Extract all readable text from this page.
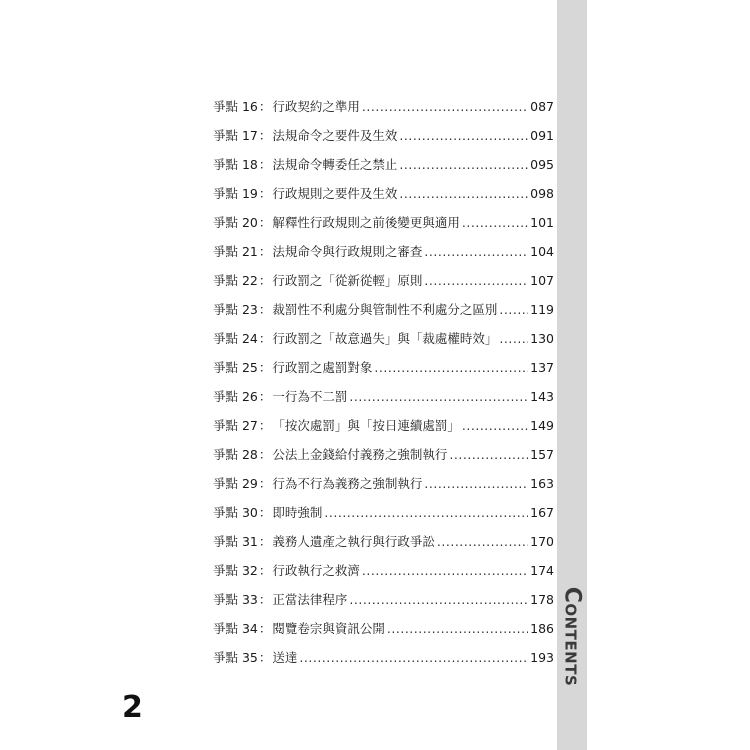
Contents
爭點 16 ： 行政契約之準用 .....	087
爭點 17 ： 法規命令之要件及生效 .....	091
爭點 18 ： 法規命令轉委任之禁止 .....	095
爭點 19 ： 行政規則之要件及生效 .....	098
爭點 20 ： 解釋性行政規則之前後變更與適用 .....	101
爭點 21 ： 法規命令與行政規則之審查 .....	104
爭點 22 ： 行政罰之「從新從輕」原則 .....	107
爭點 23 ： 裁罰性不利處分與管制性不利處分之區別 .....	119
爭點 24 ： 行政罰之「故意過失」與「裁處權時效」 .....	130
爭點 25 ： 行政罰之處罰對象 .....	137
爭點 26 ： 一行為不二罰 .....	143
爭點 27 ： 「按次處罰」與「按日連續處罰」 .....	149
爭點 28 ： 公法上金錢給付義務之強制執行 .....	157
爭點 29 ： 行為不行為義務之強制執行 .....	163
爭點 30 ： 即時強制 .....	167
爭點 31 ： 義務人遺產之執行與行政爭訟 .....	170
爭點 32 ： 行政執行之救濟 .....	174
爭點 33 ： 正當法律程序 .....	178
爭點 34 ： 閱覽卷宗與資訊公開 .....	186
爭點 35 ： 送達 .....	193
2
